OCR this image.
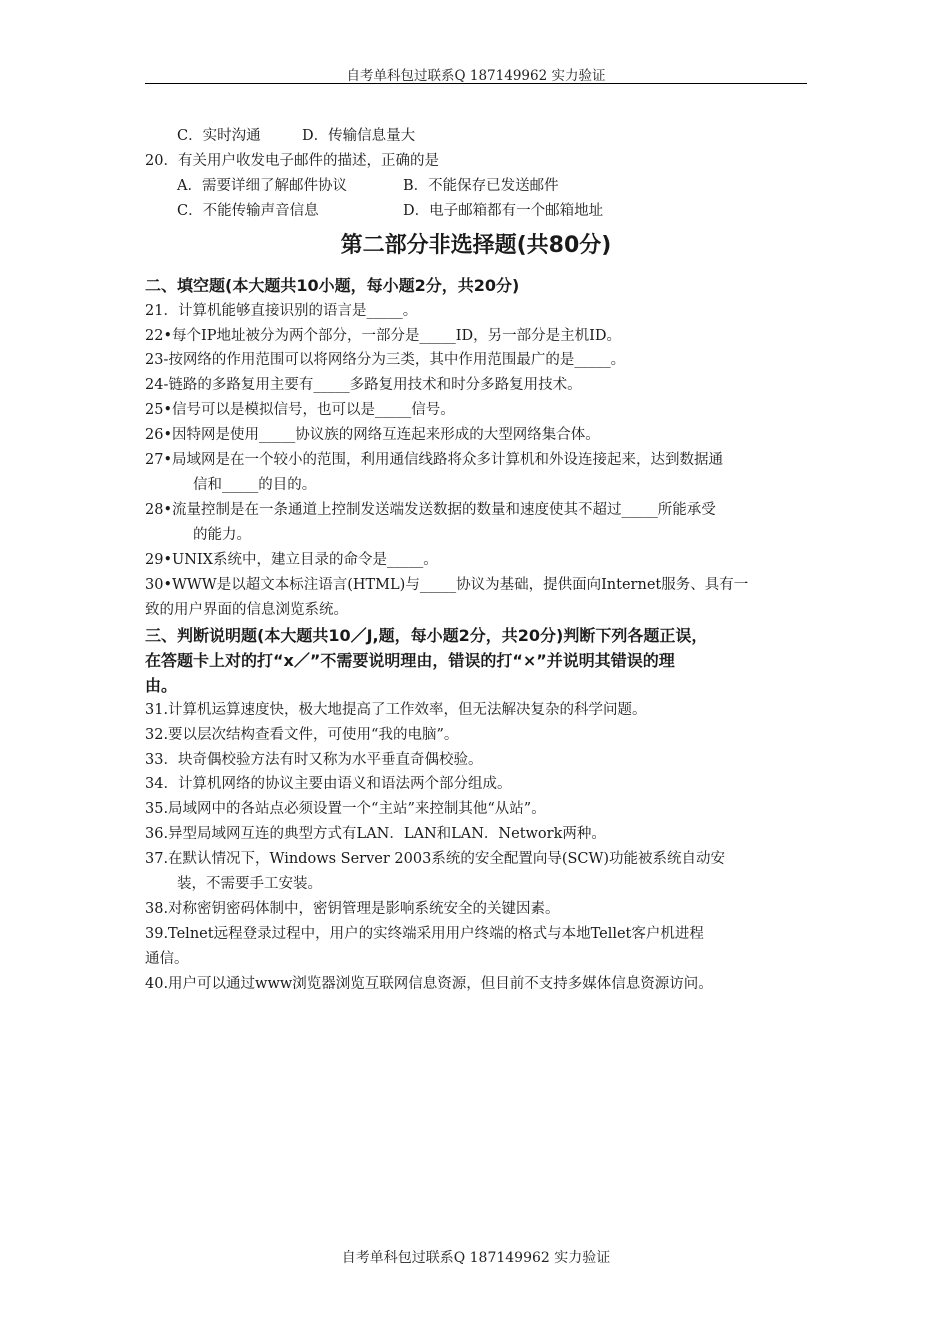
自考单科包过联系Q 187149962 实力验证
C．实时沟通	D．传输信息量大
20．有关用户收发电子邮件的描述，正确的是
A．需要详细了解邮件协议	B．不能保存已发送邮件
C．不能传输声音信息	D．电子邮箱都有一个邮箱地址
第二部分非选择题(共80分)
二、填空题(本大题共10小题，每小题2分，共20分)
21．计算机能够直接识别的语言是_____。
22•每个IP地址被分为两个部分，一部分是_____ID，另一部分是主机ID。
23-按网络的作用范围可以将网络分为三类，其中作用范围最广的是_____。
24-链路的多路复用主要有_____多路复用技术和时分多路复用技术。
25•信号可以是模拟信号，也可以是_____信号。
26•因特网是使用_____协议族的网络互连起来形成的大型网络集合体。
27•局域网是在一个较小的范围，利用通信线路将众多计算机和外设连接起来，达到数据通
信和_____的目的。
28•流量控制是在一条通道上控制发送端发送数据的数量和速度使其不超过_____所能承受
的能力。
29•UNIX系统中，建立目录的命令是_____。
30•WWW是以超文本标注语言(HTML)与_____协议为基础，提供面向Internet服务、具有一
致的用户界面的信息浏览系统。
三、判断说明题(本大题共10／J,题，每小题2分，共20分)判断下列各题正误，
在答题卡上对的打“x／”不需要说明理由，错误的打“×”并说明其错误的理
由。
31.计算机运算速度快，极大地提高了工作效率，但无法解决复杂的科学问题。
32.要以层次结构查看文件，可使用“我的电脑”。
33．块奇偶校验方法有时又称为水平垂直奇偶校验。
34．计算机网络的协议主要由语义和语法两个部分组成。
35.局域网中的各站点必须设置一个“主站”来控制其他“从站”。
36.异型局域网互连的典型方式有LAN．LAN和LAN．Network两种。
37.在默认情况下，Windows Server 2003系统的安全配置向导(SCW)功能被系统自动安
装，不需要手工安装。
38.对称密钥密码体制中，密钥管理是影响系统安全的关键因素。
39.Telnet远程登录过程中，用户的实终端采用用户终端的格式与本地Tellet客户机进程
通信。
40.用户可以通过www浏览器浏览互联网信息资源，但目前不支持多媒体信息资源访问。
自考单科包过联系Q 187149962 实力验证
